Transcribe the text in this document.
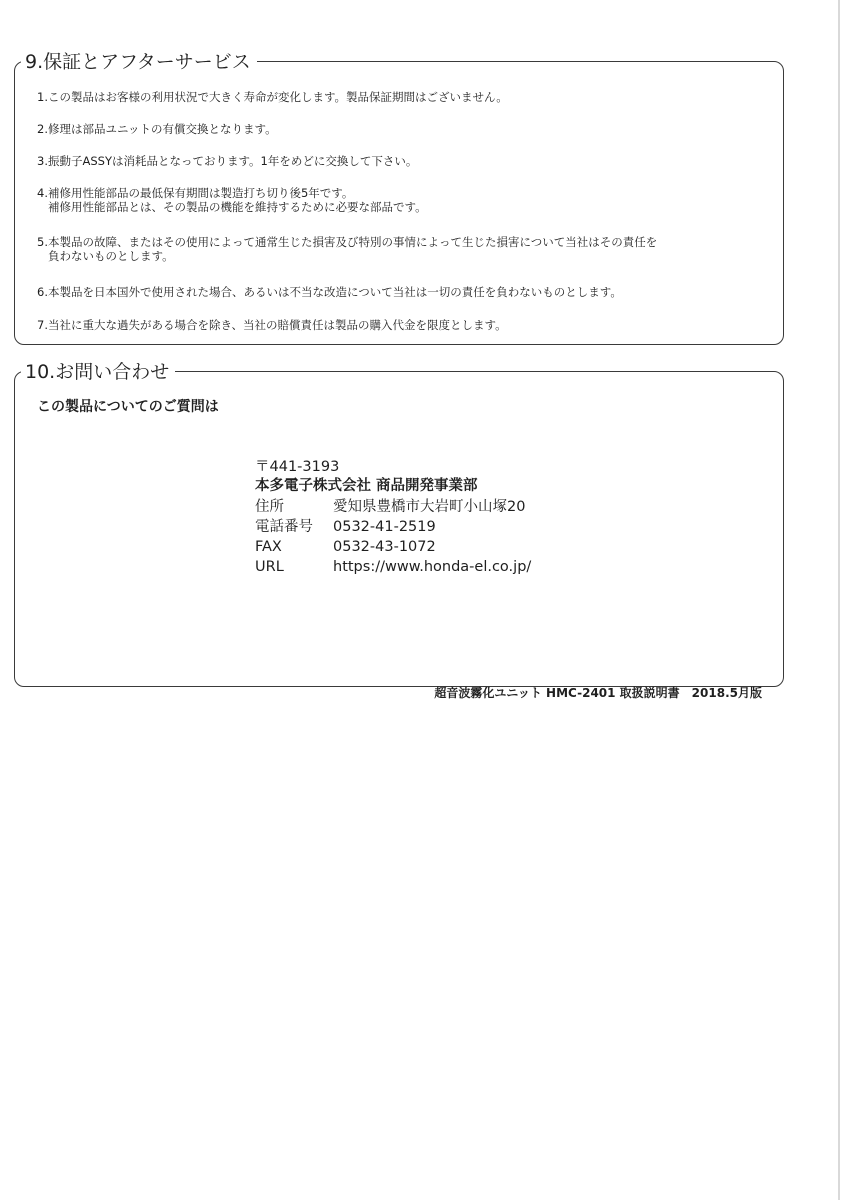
9.保証とアフターサービス
1.この製品はお客様の利用状況で大きく寿命が変化します。製品保証期間はございません。
2.修理は部品ユニットの有償交換となります。
3.振動子ASSYは消耗品となっております。1年をめどに交換して下さい。
4.補修用性能部品の最低保有期間は製造打ち切り後5年です。
補修用性能部品とは、その製品の機能を維持するために必要な部品です。
5.本製品の故障、またはその使用によって通常生じた損害及び特別の事情によって生じた損害について当社はその責任を
負わないものとします。
6.本製品を日本国外で使用された場合、あるいは不当な改造について当社は一切の責任を負わないものとします。
7.当社に重大な過失がある場合を除き、当社の賠償責任は製品の購入代金を限度とします。
10.お問い合わせ
この製品についてのご質問は
〒441-3193
本多電子株式会社 商品開発事業部
住所	愛知県豊橋市大岩町小山塚20
電話番号 0532-41-2519
FAX	0532-43-1072
URL	https://www.honda-el.co.jp/
超音波霧化ユニット HMC-2401 取扱説明書　2018.5月版
